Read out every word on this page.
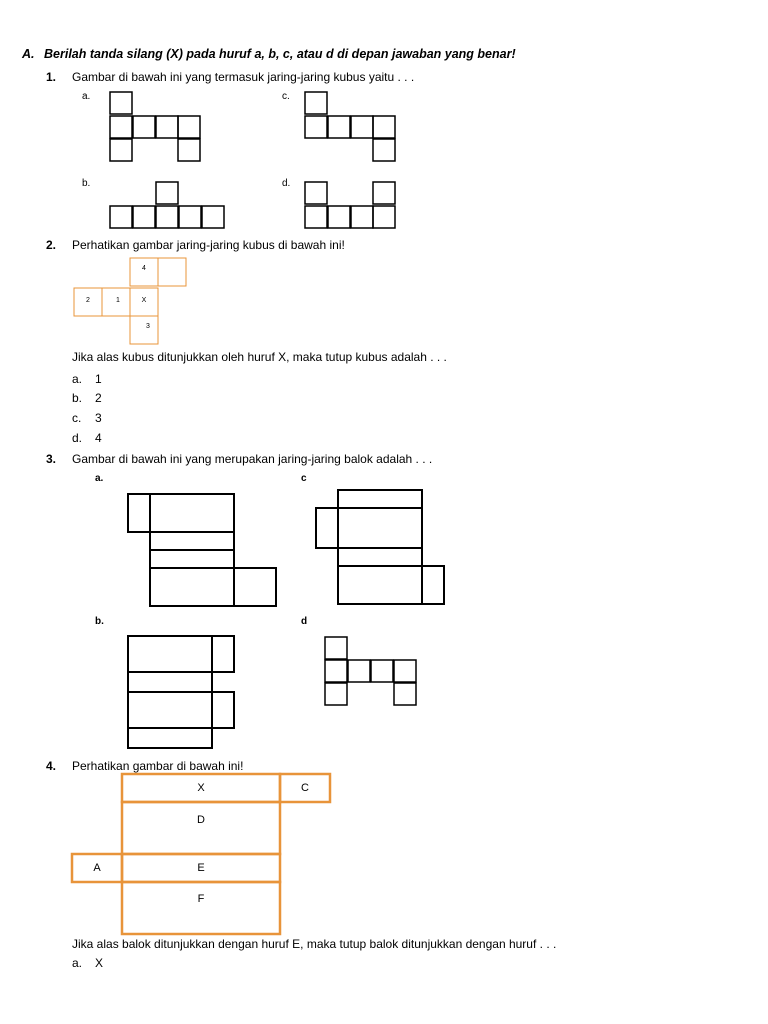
A. Berilah tanda silang (X) pada huruf a, b, c, atau d di depan jawaban yang benar!
1. Gambar di bawah ini yang termasuk jaring-jaring kubus yaitu . . .
a.
b.
c.
d.
2. Perhatikan gambar jaring-jaring kubus di bawah ini!
4
2	1	X
3
Jika alas kubus ditunjukkan oleh huruf X, maka tutup kubus adalah . . .
a. 1
b. 2
c. 3
d. 4
3. Gambar di bawah ini yang merupakan jaring-jaring balok adalah . . .
a.	c
b.	d
4. Perhatikan gambar di bawah ini!
X	C
D
A	E
F
Jika alas balok ditunjukkan dengan huruf E, maka tutup balok ditunjukkan dengan huruf . . .
a. X
